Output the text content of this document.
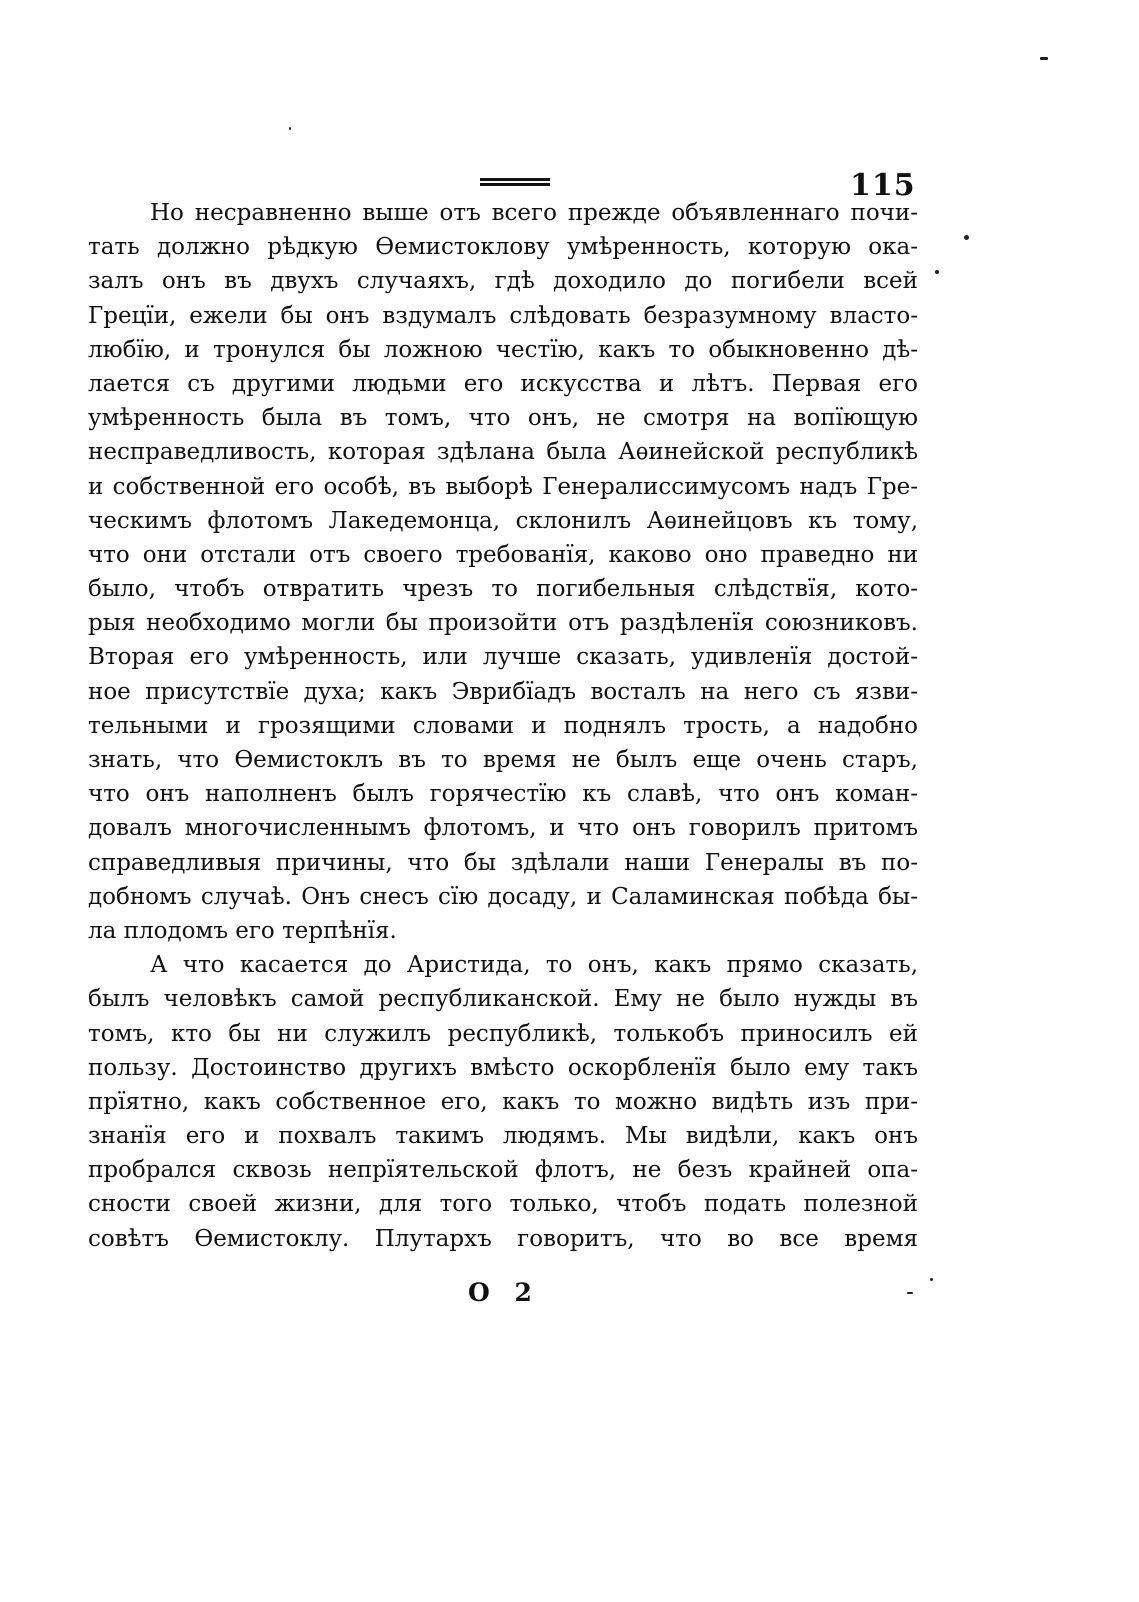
115
Но несравненно выше отъ всего прежде объявленнаго почи-
тать должно рѣдкую Ѳемистоклову умѣренность, которую ока-
залъ онъ въ двухъ случаяхъ, гдѣ доходило до погибели всей
Грецїи, ежели бы онъ вздумалъ слѣдовать безразумному власто-
любїю, и тронулся бы ложною честїю, какъ то обыкновенно дѣ-
лается съ другими людьми его искусства и лѣтъ. Первая его
умѣренность была въ томъ, что онъ, не смотря на вопїющую
несправедливость, которая здѣлана была Аѳинейской республикѣ
и собственной его особѣ, въ выборѣ Генералиссимусомъ надъ Гре-
ческимъ флотомъ Лакедемонца, склонилъ Аѳинейцовъ къ тому,
что они отстали отъ своего требованїя, каково оно праведно ни
было, чтобъ отвратить чрезъ то погибельныя слѣдствїя, кото-
рыя необходимо могли бы произойти отъ раздѣленїя союзниковъ.
Вторая его умѣренность, или лучше сказать, удивленїя достой-
ное присутствїе духа; какъ Эврибїадъ восталъ на него съ язви-
тельными и грозящими словами и поднялъ трость, а надобно
знать, что Ѳемистоклъ въ то время не былъ еще очень старъ,
что онъ наполненъ былъ горячестїю къ славѣ, что онъ коман-
довалъ многочисленнымъ флотомъ, и что онъ говорилъ притомъ
справедливыя причины, что бы здѣлали наши Генералы въ по-
добномъ случаѣ. Онъ снесъ сїю досаду, и Саламинская побѣда бы-
ла плодомъ его терпѣнїя.
А что касается до Аристида, то онъ, какъ прямо сказать,
былъ человѣкъ самой республиканской. Ему не было нужды въ
томъ, кто бы ни служилъ республикѣ, толькобъ приносилъ ей
пользу. Достоинство другихъ вмѣсто оскорбленїя было ему такъ
прїятно, какъ собственное его, какъ то можно видѣть изъ при-
знанїя его и похвалъ такимъ людямъ. Мы видѣли, какъ онъ
пробрался сквозь непрїятельской флотъ, не безъ крайней опа-
сности своей жизни, для того только, чтобъ подать полезной
совѣтъ Ѳемистоклу. Плутархъ говоритъ, что во все время
О 2
